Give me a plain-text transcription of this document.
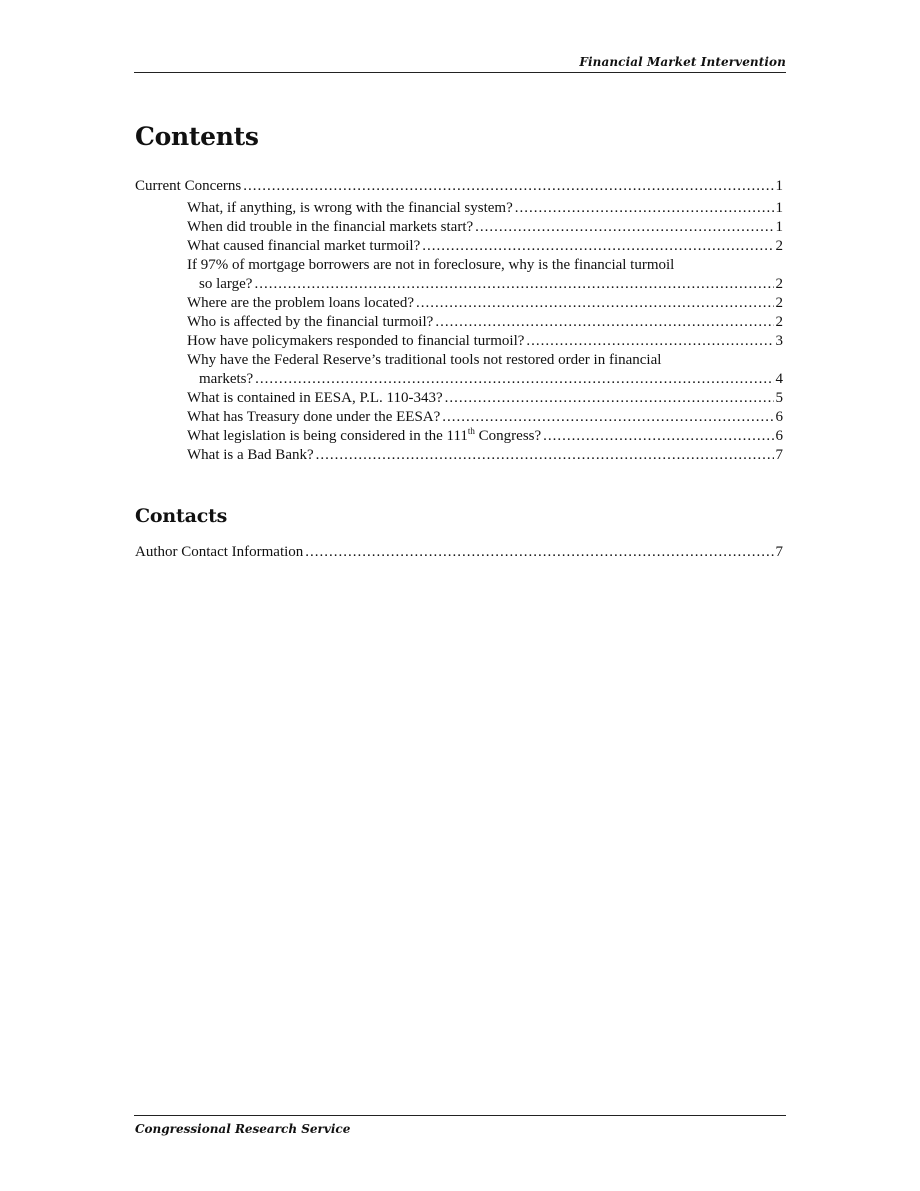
Financial Market Intervention
Contents
Current Concerns .....	1
What, if anything, is wrong with the financial system? .....	1
When did trouble in the financial markets start? .....	1
What caused financial market turmoil? .....	2
If 97% of mortgage borrowers are not in foreclosure, why is the financial turmoil
so large? .....	2
Where are the problem loans located? .....	2
Who is affected by the financial turmoil? .....	2
How have policymakers responded to financial turmoil? .....	3
Why have the Federal Reserve’s traditional tools not restored order in financial
markets? .....	4
What is contained in EESA, P.L. 110-343? .....	5
What has Treasury done under the EESA? .....	6
What legislation is being considered in the 111th Congress? .....	6
What is a Bad Bank? .....	7
Contacts
Author Contact Information .....	7
Congressional Research Service
